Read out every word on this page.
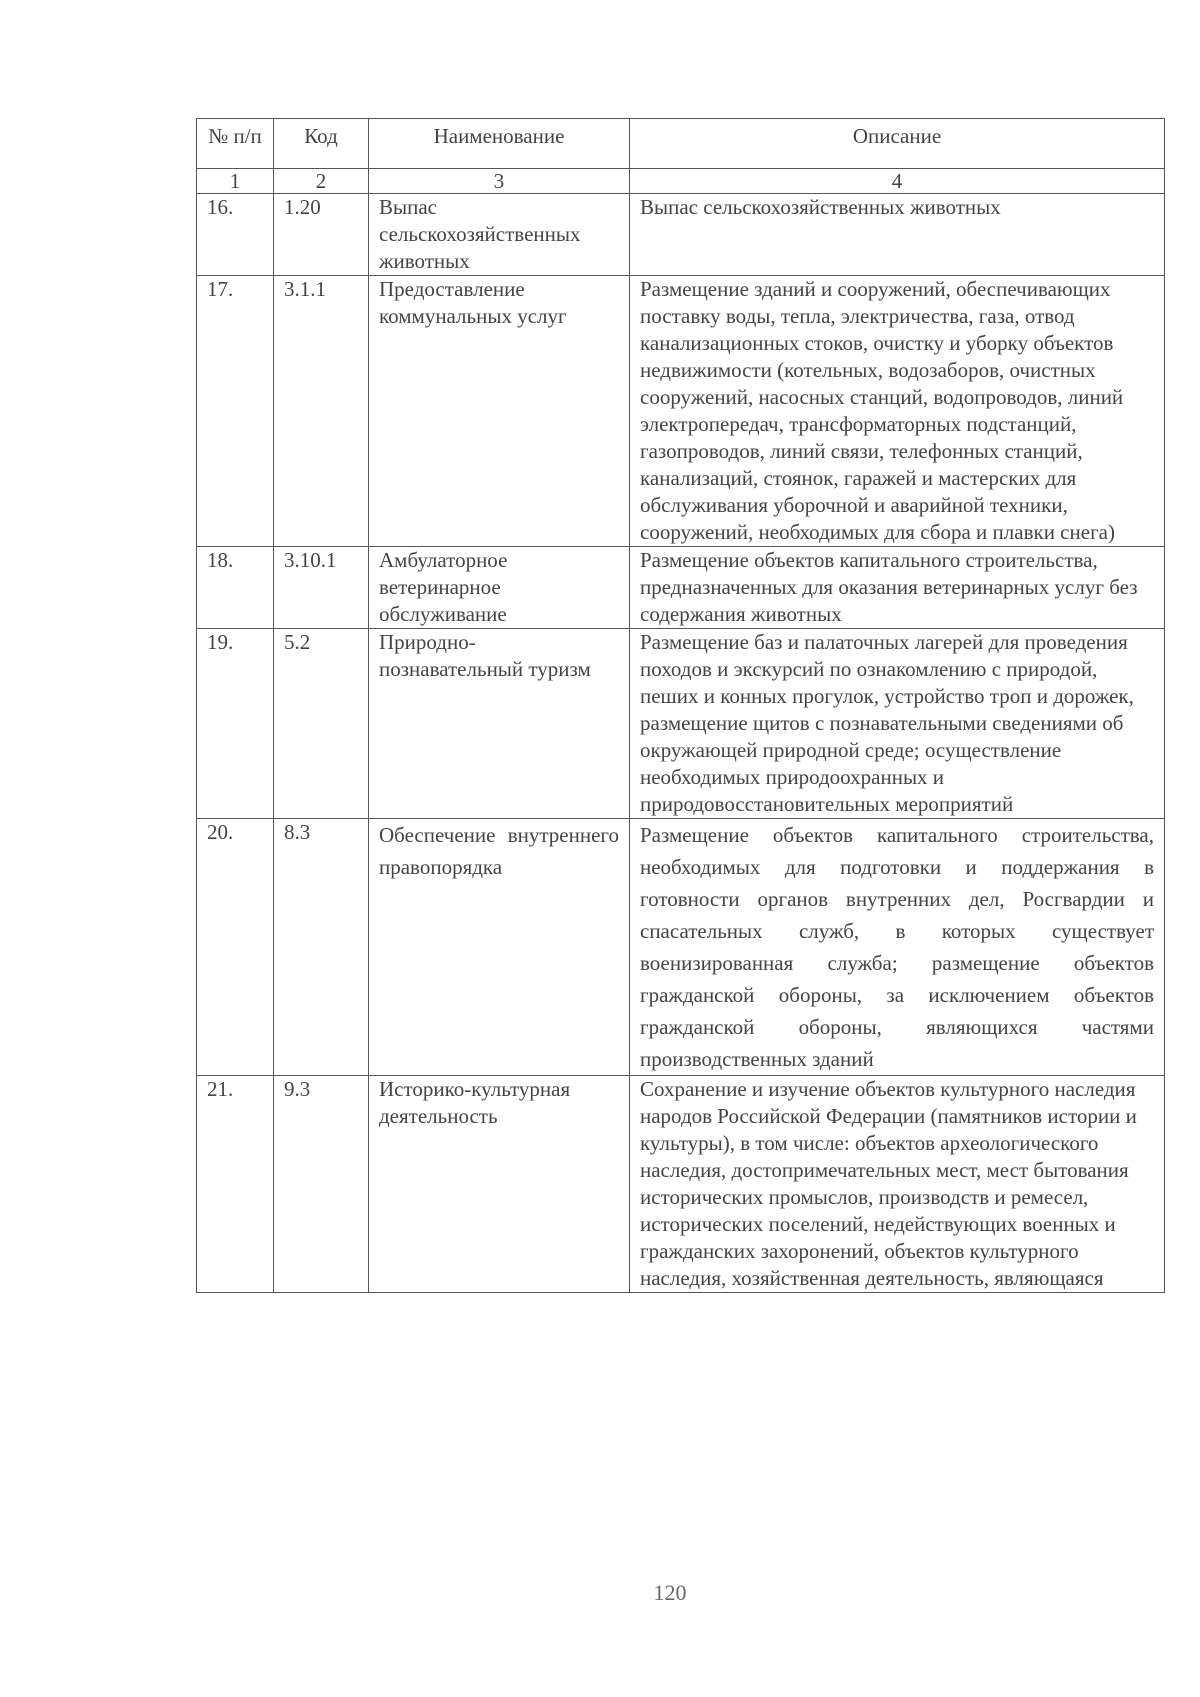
№ п/п	Код	Наименование	Описание
1	2	3	4
16.	1.20	Выпас сельскохозяйственных животных	Выпас сельскохозяйственных животных
17.	3.1.1	Предоставление коммунальных услуг	Размещение зданий и сооружений, обеспечивающих поставку воды, тепла, электричества, газа, отвод канализационных стоков, очистку и уборку объектов недвижимости (котельных, водозаборов, очистных сооружений, насосных станций, водопроводов, линий электропередач, трансформаторных подстанций, газопроводов, линий связи, телефонных станций, канализаций, стоянок, гаражей и мастерских для обслуживания уборочной и аварийной техники, сооружений, необходимых для сбора и плавки снега)
18.	3.10.1	Амбулаторное ветеринарное обслуживание	Размещение объектов капитального строительства, предназначенных для оказания ветеринарных услуг без содержания животных
19.	5.2	Природно-познавательный туризм	Размещение баз и палаточных лагерей для проведения походов и экскурсий по ознакомлению с природой, пеших и конных прогулок, устройство троп и дорожек, размещение щитов с познавательными сведениями об окружающей природной среде; осуществление необходимых природоохранных и природовосстановительных мероприятий
20.	8.3	Обеспечение внутреннего правопорядка	Размещение объектов капитального строительства, необходимых для подготовки и поддержания в готовности органов внутренних дел, Росгвардии и спасательных служб, в которых существует военизированная служба; размещение объектов гражданской обороны, за исключением объектов гражданской обороны, являющихся частями производственных зданий
21.	9.3	Историко-культурная деятельность	Сохранение и изучение объектов культурного наследия народов Российской Федерации (памятников истории и культуры), в том числе: объектов археологического наследия, достопримечательных мест, мест бытования исторических промыслов, производств и ремесел, исторических поселений, недействующих военных и гражданских захоронений, объектов культурного наследия, хозяйственная деятельность, являющаяся
120
